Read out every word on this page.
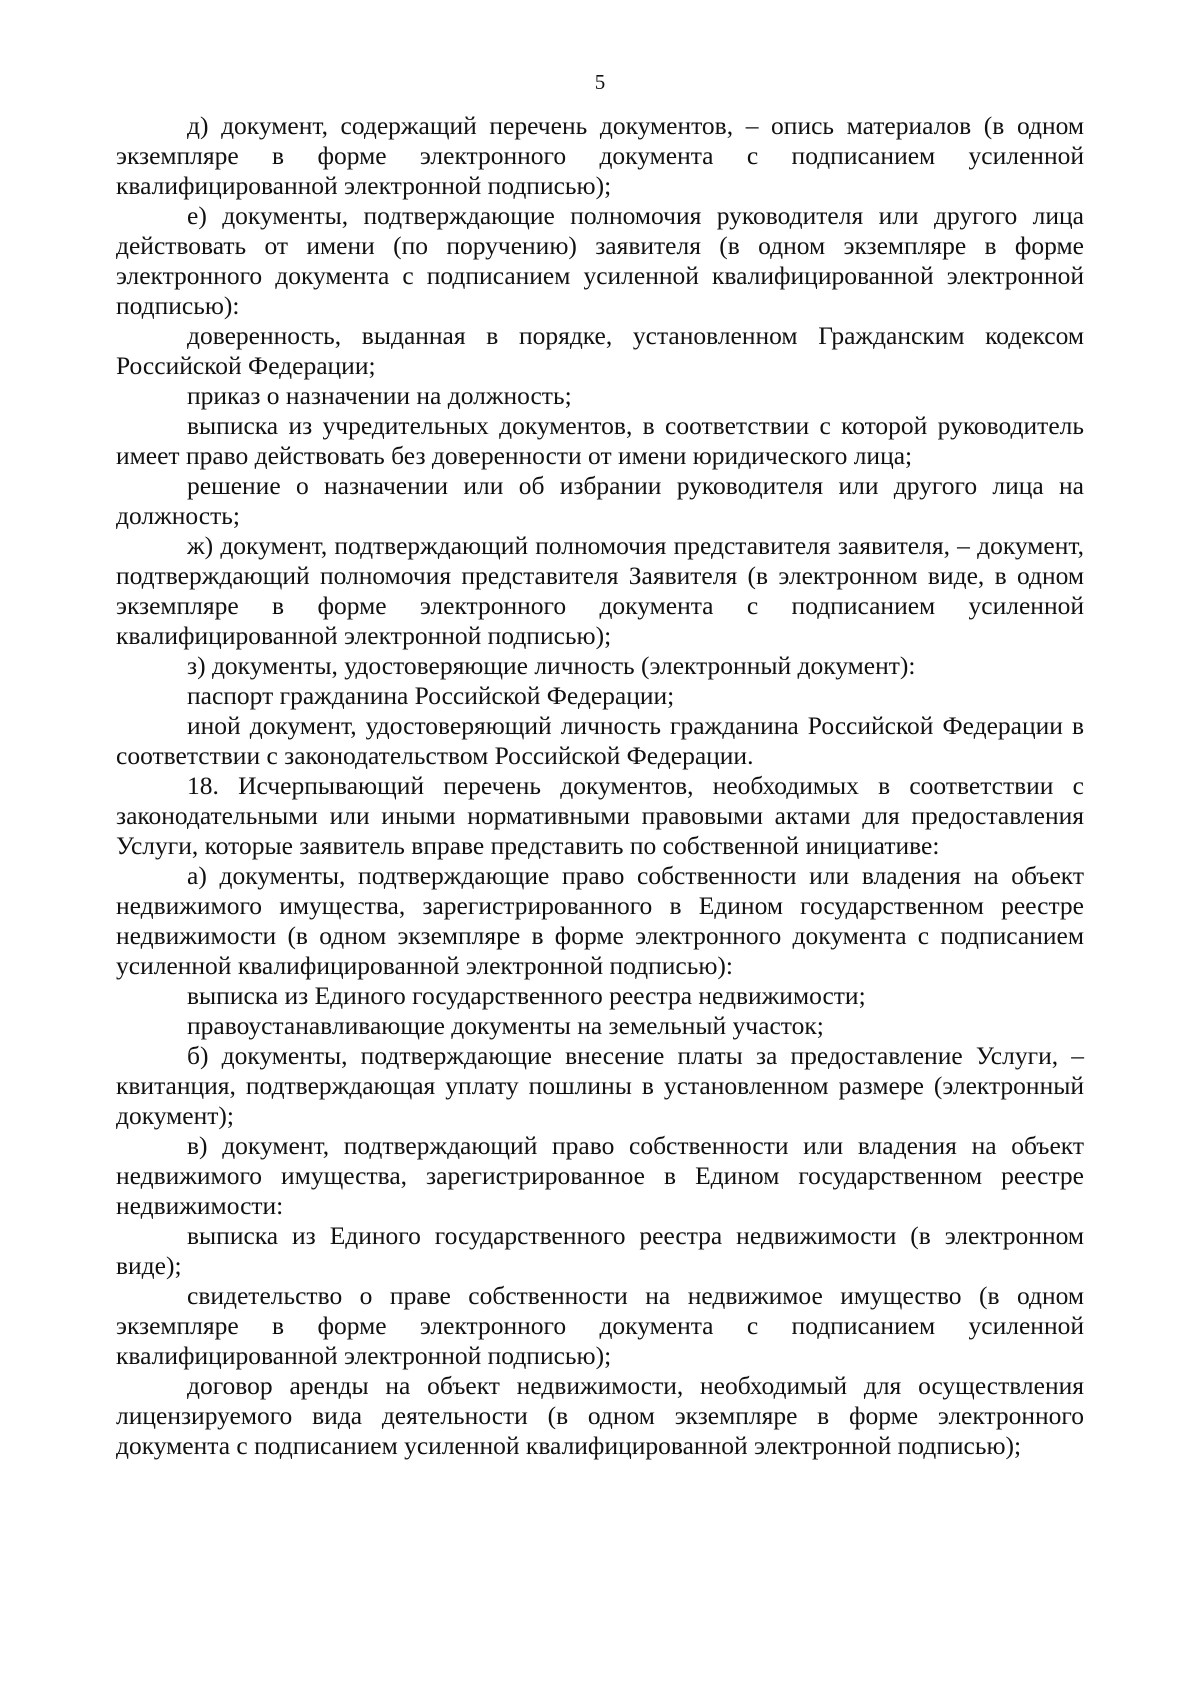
5

д) документ, содержащий перечень документов, – опись материалов (в одном экземпляре в форме электронного документа с подписанием усиленной квалифицированной электронной подписью);

е) документы, подтверждающие полномочия руководителя или другого лица действовать от имени (по поручению) заявителя (в одном экземпляре в форме электронного документа с подписанием усиленной квалифицированной электронной подписью):

доверенность, выданная в порядке, установленном Гражданским кодексом Российской Федерации;

приказ о назначении на должность;

выписка из учредительных документов, в соответствии с которой руководитель имеет право действовать без доверенности от имени юридического лица;

решение о назначении или об избрании руководителя или другого лица на должность;

ж) документ, подтверждающий полномочия представителя заявителя, – документ, подтверждающий полномочия представителя Заявителя (в электронном виде, в одном экземпляре в форме электронного документа с подписанием усиленной квалифицированной электронной подписью);

з) документы, удостоверяющие личность (электронный документ):

паспорт гражданина Российской Федерации;

иной документ, удостоверяющий личность гражданина Российской Федерации в соответствии с законодательством Российской Федерации.

18. Исчерпывающий перечень документов, необходимых в соответствии с законодательными или иными нормативными правовыми актами для предоставления Услуги, которые заявитель вправе представить по собственной инициативе:

а) документы, подтверждающие право собственности или владения на объект недвижимого имущества, зарегистрированного в Едином государственном реестре недвижимости (в одном экземпляре в форме электронного документа с подписанием усиленной квалифицированной электронной подписью):

выписка из Единого государственного реестра недвижимости;

правоустанавливающие документы на земельный участок;

б) документы, подтверждающие внесение платы за предоставление Услуги, – квитанция, подтверждающая уплату пошлины в установленном размере (электронный документ);

в) документ, подтверждающий право собственности или владения на объект недвижимого имущества, зарегистрированное в Едином государственном реестре недвижимости:

выписка из Единого государственного реестра недвижимости (в электронном виде);

свидетельство о праве собственности на недвижимое имущество (в одном экземпляре в форме электронного документа с подписанием усиленной квалифицированной электронной подписью);

договор аренды на объект недвижимости, необходимый для осуществления лицензируемого вида деятельности (в одном экземпляре в форме электронного документа с подписанием усиленной квалифицированной электронной подписью);
